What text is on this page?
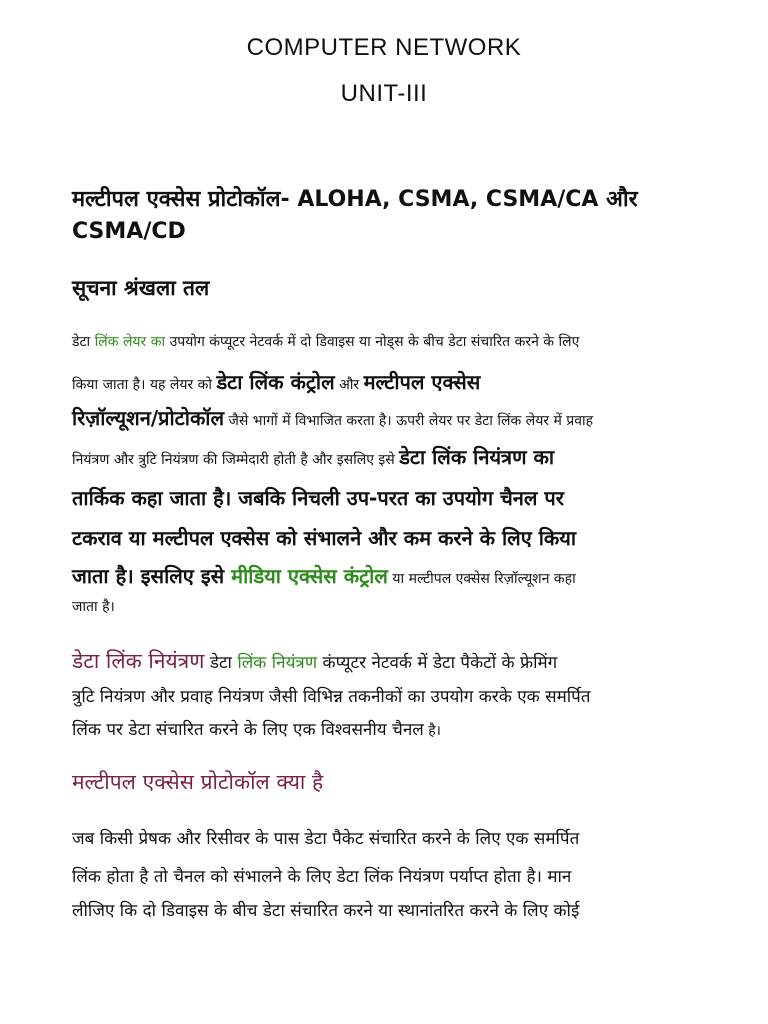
COMPUTER NETWORK

UNIT-III

मल्टीपल एक्सेस प्रोटोकॉल- ALOHA, CSMA, CSMA/CA और

CSMA/CD

सूचना श्रंखला तल

डेटा लिंक लेयर का उपयोग कंप्यूटर नेटवर्क में दो डिवाइस या नोड्स के बीच डेटा संचारित करने के लिए

किया जाता है। यह लेयर को डेटा लिंक कंट्रोल और मल्टीपल एक्सेस

रिज़ॉल्यूशन/प्रोटोकॉल जैसे भागों में विभाजित करता है। ऊपरी लेयर पर डेटा लिंक लेयर में प्रवाह

नियंत्रण और त्रुटि नियंत्रण की जिम्मेदारी होती है और इसलिए इसे डेटा लिंक नियंत्रण का

तार्किक कहा जाता है। जबकि निचली उप-परत का उपयोग चैनल पर

टकराव या मल्टीपल एक्सेस को संभालने और कम करने के लिए किया

जाता है। इसलिए इसे मीडिया एक्सेस कंट्रोल या मल्टीपल एक्सेस रिज़ॉल्यूशन कहा

जाता है।

डेटा लिंक नियंत्रण डेटा लिंक नियंत्रण कंप्यूटर नेटवर्क में डेटा पैकेटों के फ्रेमिंग

त्रुटि नियंत्रण और प्रवाह नियंत्रण जैसी विभिन्न तकनीकों का उपयोग करके एक समर्पित

लिंक पर डेटा संचारित करने के लिए एक विश्वसनीय चैनल है।

मल्टीपल एक्सेस प्रोटोकॉल क्या है

जब किसी प्रेषक और रिसीवर के पास डेटा पैकेट संचारित करने के लिए एक समर्पित

लिंक होता है तो चैनल को संभालने के लिए डेटा लिंक नियंत्रण पर्याप्त होता है। मान

लीजिए कि दो डिवाइस के बीच डेटा संचारित करने या स्थानांतरित करने के लिए कोई
